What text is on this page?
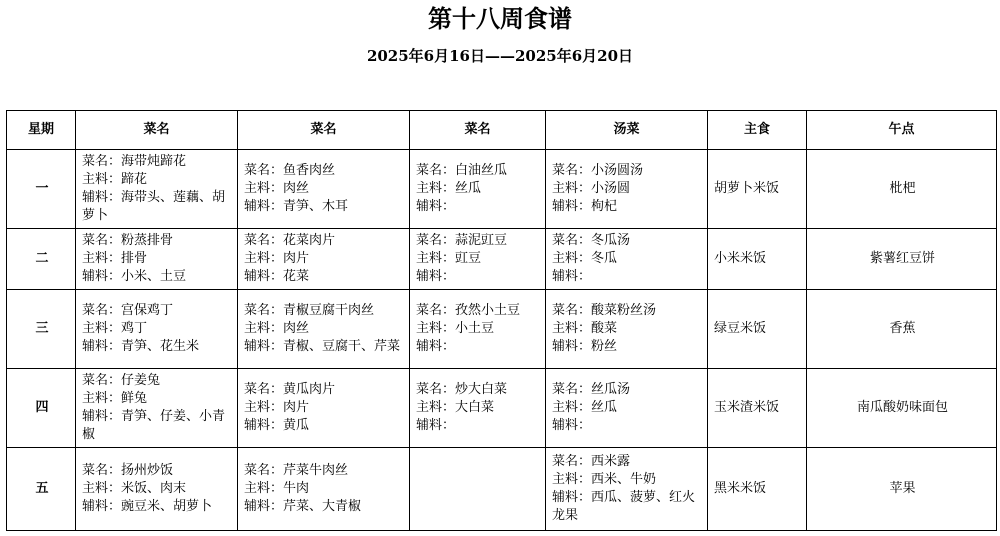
第十八周食谱
2025年6月16日——2025年6月20日
星期	菜名	菜名	菜名	汤菜	主食	午点
一	菜名：海带炖蹄花
主料：蹄花
辅料：海带头、莲藕、胡萝卜	菜名：鱼香肉丝
主料：肉丝
辅料：青笋、木耳	菜名：白油丝瓜
主料：丝瓜
辅料：	菜名：小汤圆汤
主料：小汤圆
辅料：枸杞	胡萝卜米饭	枇杷
二	菜名：粉蒸排骨
主料：排骨
辅料：小米、土豆	菜名：花菜肉片
主料：肉片
辅料：花菜	菜名：蒜泥豇豆
主料：豇豆
辅料：	菜名：冬瓜汤
主料：冬瓜
辅料：	小米米饭	紫薯红豆饼
三	菜名：宫保鸡丁
主料：鸡丁
辅料：青笋、花生米	菜名：青椒豆腐干肉丝
主料：肉丝
辅料：青椒、豆腐干、芹菜	菜名：孜然小土豆
主料：小土豆
辅料：	菜名：酸菜粉丝汤
主料：酸菜
辅料：粉丝	绿豆米饭	香蕉
四	菜名：仔姜兔
主料：鲜兔
辅料：青笋、仔姜、小青椒	菜名：黄瓜肉片
主料：肉片
辅料：黄瓜	菜名：炒大白菜
主料：大白菜
辅料：	菜名：丝瓜汤
主料：丝瓜
辅料：	玉米渣米饭	南瓜酸奶味面包
五	菜名：扬州炒饭
主料：米饭、肉末
辅料：豌豆米、胡萝卜	菜名：芹菜牛肉丝
主料：牛肉
辅料：芹菜、大青椒		菜名：西米露
主料：西米、牛奶
辅料：西瓜、菠萝、红火龙果	黑米米饭	苹果
